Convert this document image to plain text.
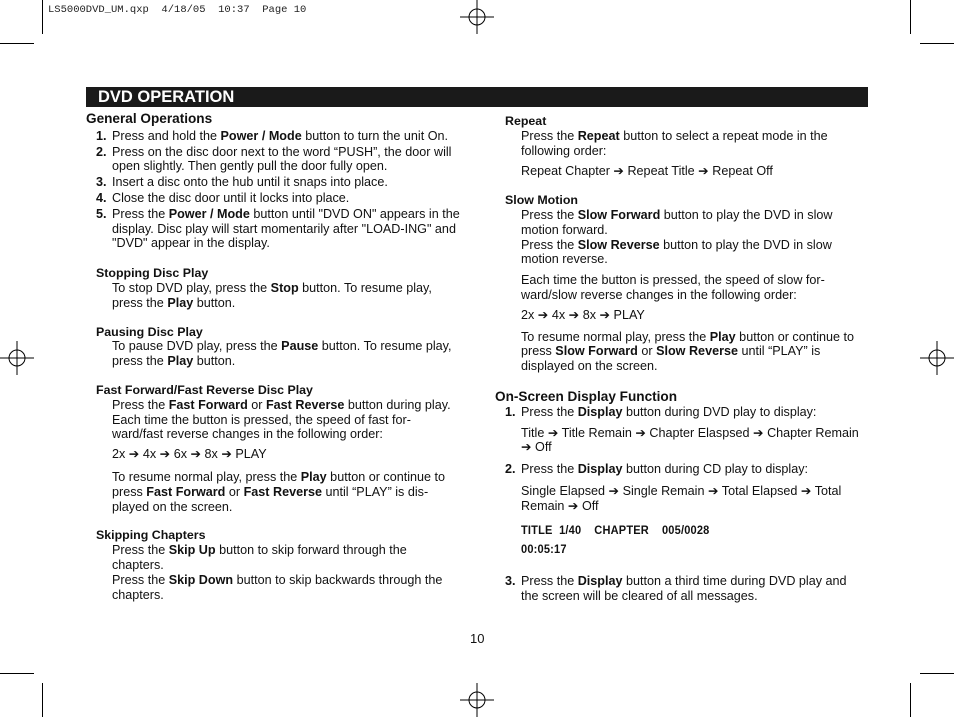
LS5000DVD_UM.qxp  4/18/05  10:37  Page 10
DVD OPERATION
General Operations
1. Press and hold the Power / Mode button to turn the unit On.
2. Press on the disc door next to the word “PUSH”, the door will open slightly. Then gently pull the door fully open.
3. Insert a disc onto the hub until it snaps into place.
4. Close the disc door until it locks into place.
5. Press the Power / Mode button until "DVD ON" appears in the display. Disc play will start momentarily after "LOAD-ING" and "DVD" appear in the display.
Stopping Disc Play
To stop DVD play, press the Stop button. To resume play, press the Play button.
Pausing Disc Play
To pause DVD play, press the Pause button. To resume play, press the Play button.
Fast Forward/Fast Reverse Disc Play
Press the Fast Forward or Fast Reverse button during play. Each time the button is pressed, the speed of fast for-ward/fast reverse changes in the following order:
2x ➔ 4x ➔ 6x ➔ 8x ➔ PLAY
To resume normal play, press the Play button or continue to press Fast Forward or Fast Reverse until “PLAY” is dis-played on the screen.
Skipping Chapters
Press the Skip Up button to skip forward through the chapters.
Press the Skip Down button to skip backwards through the chapters.
Repeat
Press the Repeat button to select a repeat mode in the following order:
Repeat Chapter ➔ Repeat Title ➔ Repeat Off
Slow Motion
Press the Slow Forward button to play the DVD in slow motion forward.
Press the Slow Reverse button to play the DVD in slow motion reverse.
Each time the button is pressed, the speed of slow for-ward/slow reverse changes in the following order:
2x ➔ 4x ➔ 8x ➔ PLAY
To resume normal play, press the Play button or continue to press Slow Forward or Slow Reverse until “PLAY” is displayed on the screen.
On-Screen Display Function
1. Press the Display button during DVD play to display:
Title ➔ Title Remain ➔ Chapter Elaspsed ➔ Chapter Remain ➔ Off
2. Press the Display button during CD play to display:
Single Elapsed ➔ Single Remain ➔ Total Elapsed ➔ Total Remain ➔ Off
TITLE  1/40    CHAPTER    005/0028
00:05:17
3. Press the Display button a third time during DVD play and the screen will be cleared of all messages.
10
